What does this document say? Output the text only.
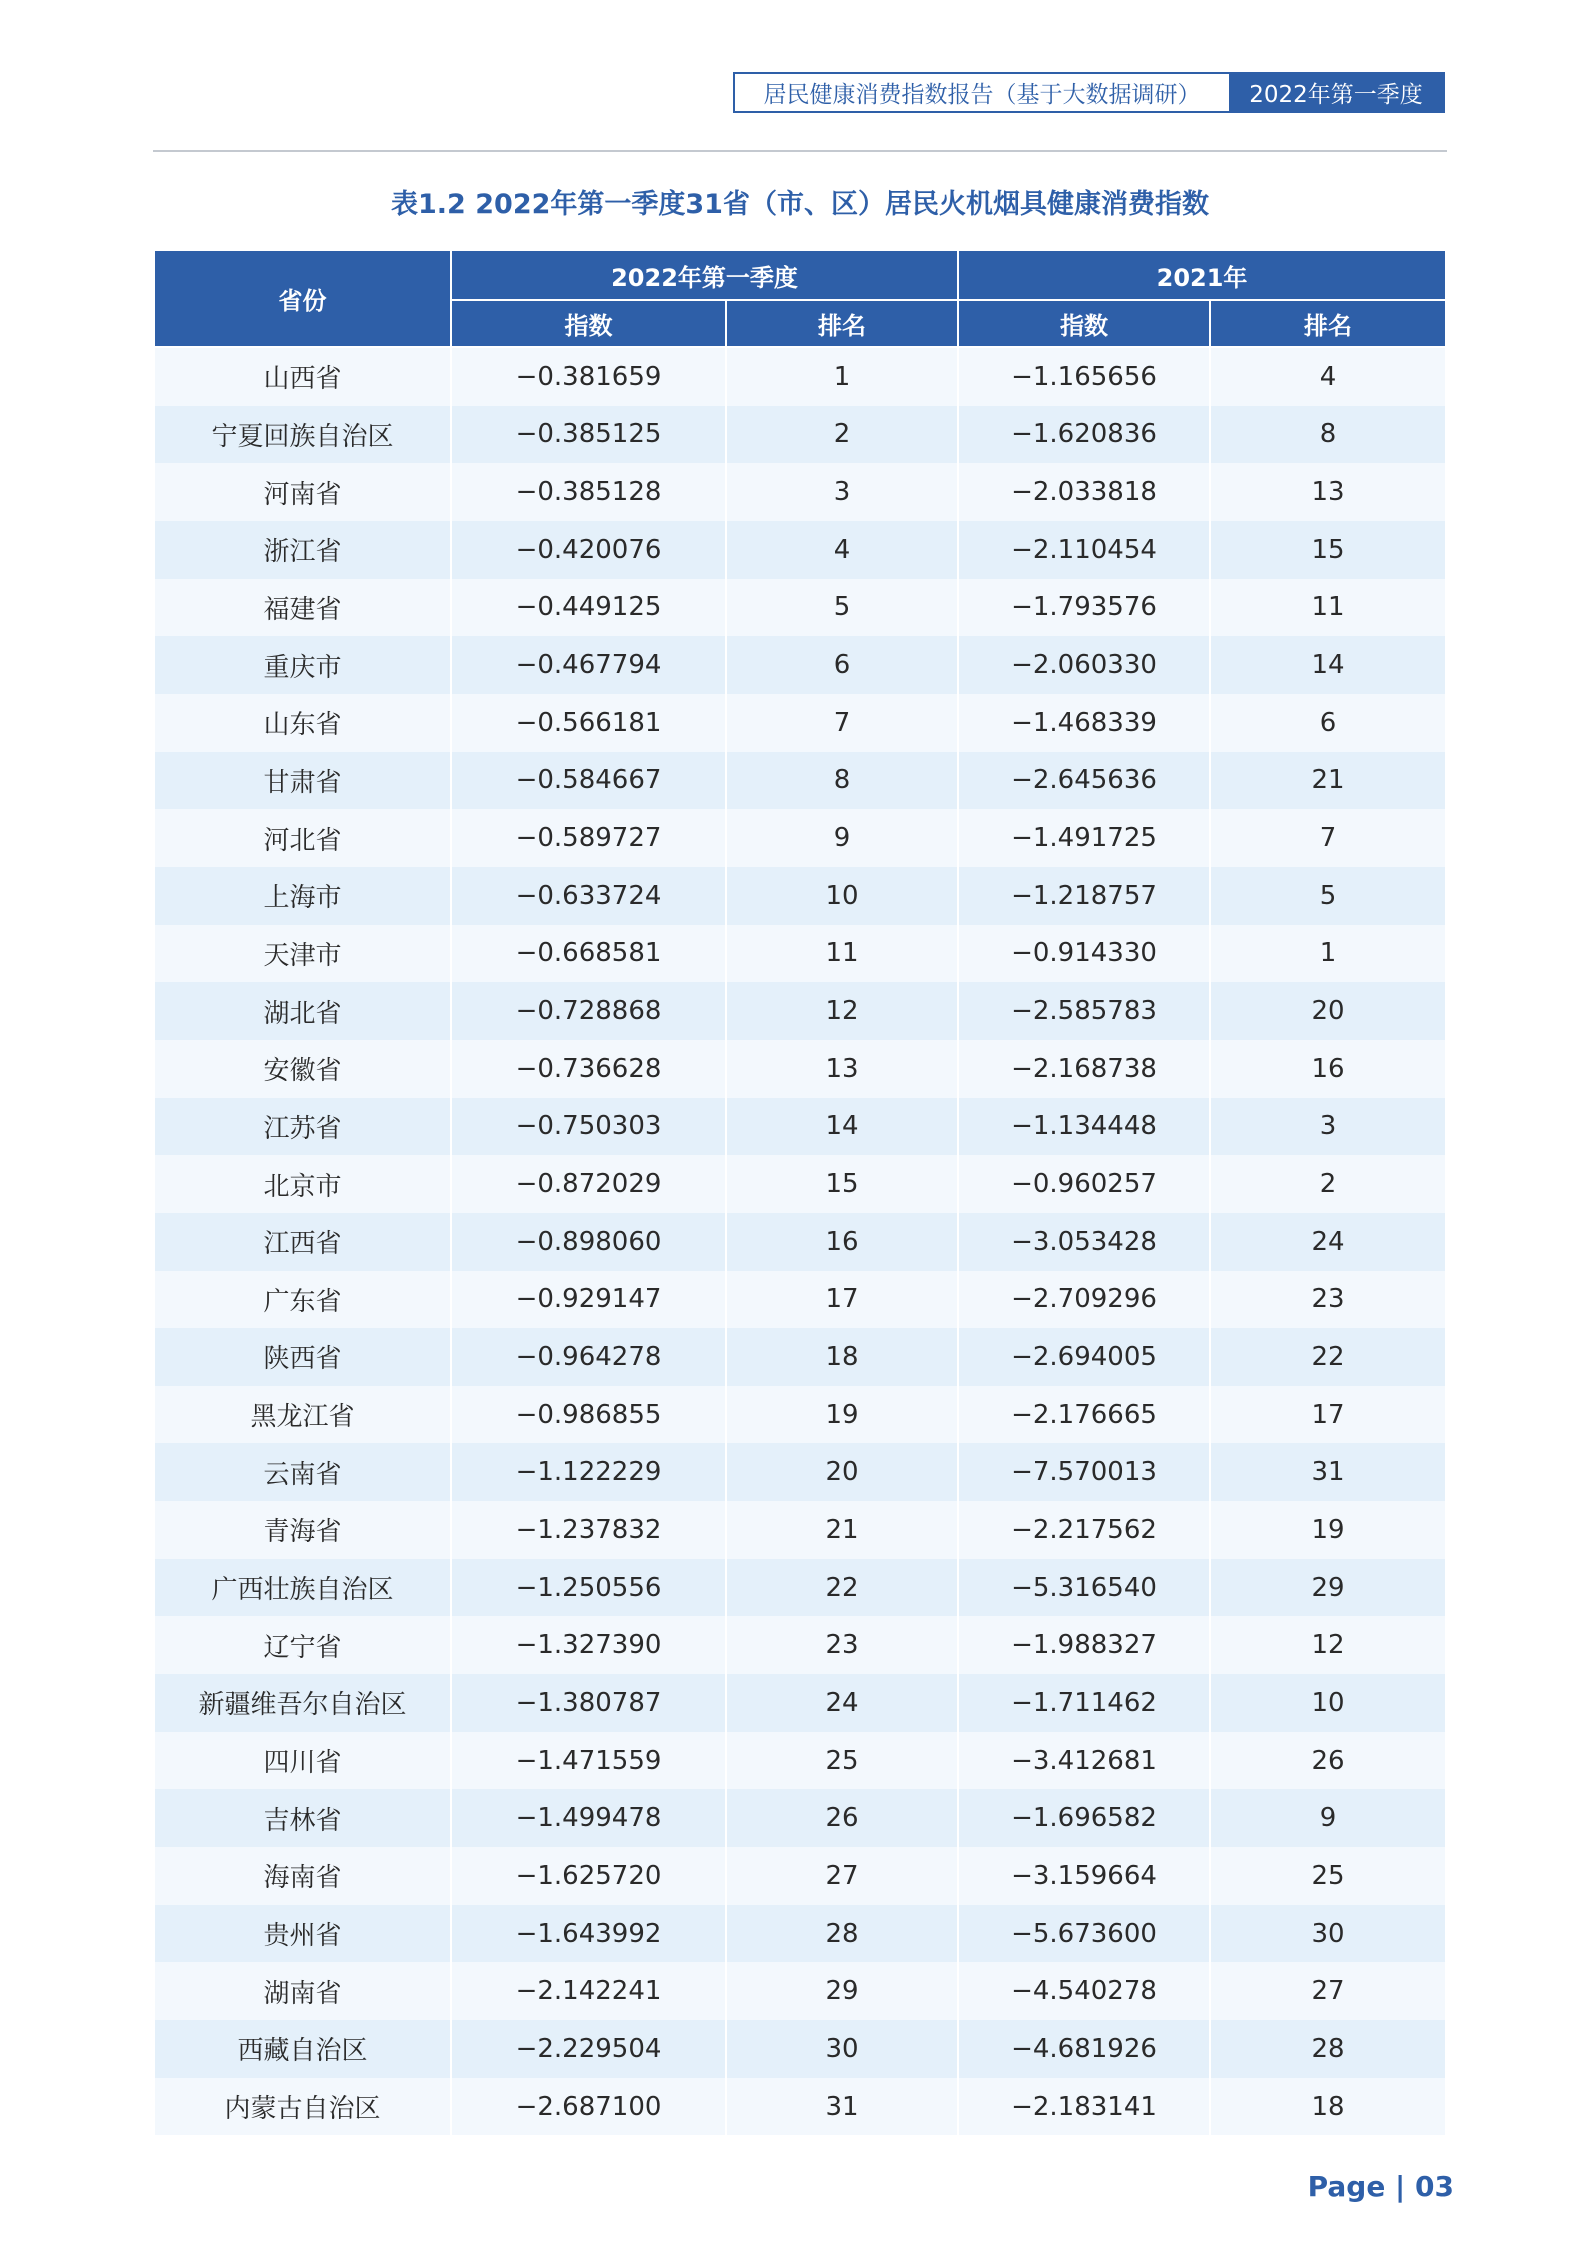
居民健康消费指数报告（基于大数据调研）	2022年第一季度
表1.2 2022年第一季度31省（市、区）居民火机烟具健康消费指数
省份	2022年第一季度		2021年	
	指数	排名	指数	排名
山西省	−0.381659	1	−1.165656	4
宁夏回族自治区	−0.385125	2	−1.620836	8
河南省	−0.385128	3	−2.033818	13
浙江省	−0.420076	4	−2.110454	15
福建省	−0.449125	5	−1.793576	11
重庆市	−0.467794	6	−2.060330	14
山东省	−0.566181	7	−1.468339	6
甘肃省	−0.584667	8	−2.645636	21
河北省	−0.589727	9	−1.491725	7
上海市	−0.633724	10	−1.218757	5
天津市	−0.668581	11	−0.914330	1
湖北省	−0.728868	12	−2.585783	20
安徽省	−0.736628	13	−2.168738	16
江苏省	−0.750303	14	−1.134448	3
北京市	−0.872029	15	−0.960257	2
江西省	−0.898060	16	−3.053428	24
广东省	−0.929147	17	−2.709296	23
陕西省	−0.964278	18	−2.694005	22
黑龙江省	−0.986855	19	−2.176665	17
云南省	−1.122229	20	−7.570013	31
青海省	−1.237832	21	−2.217562	19
广西壮族自治区	−1.250556	22	−5.316540	29
辽宁省	−1.327390	23	−1.988327	12
新疆维吾尔自治区	−1.380787	24	−1.711462	10
四川省	−1.471559	25	−3.412681	26
吉林省	−1.499478	26	−1.696582	9
海南省	−1.625720	27	−3.159664	25
贵州省	−1.643992	28	−5.673600	30
湖南省	−2.142241	29	−4.540278	27
西藏自治区	−2.229504	30	−4.681926	28
内蒙古自治区	−2.687100	31	−2.183141	18
Page | 03
